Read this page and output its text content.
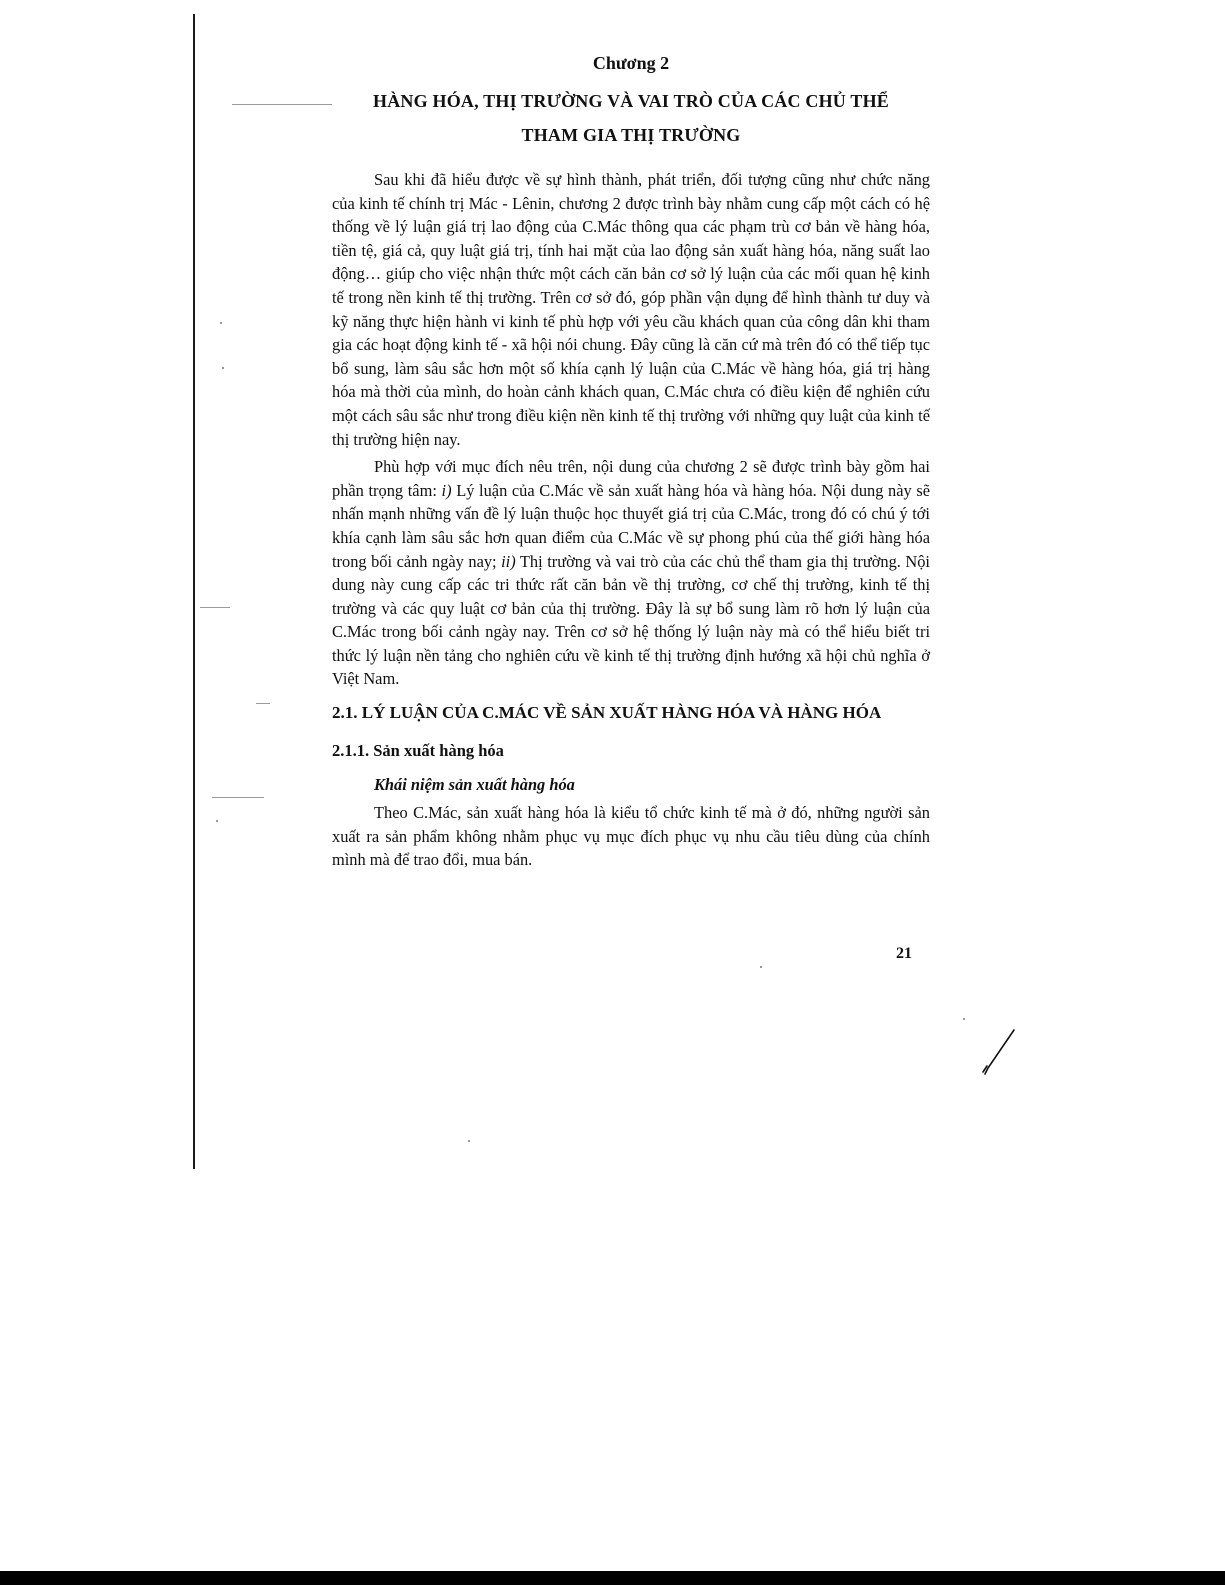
Chương 2
HÀNG HÓA, THỊ TRƯỜNG VÀ VAI TRÒ CỦA CÁC CHỦ THỂ
THAM GIA THỊ TRƯỜNG

Sau khi đã hiểu được về sự hình thành, phát triển, đối tượng cũng như chức năng của kinh tế chính trị Mác - Lênin, chương 2 được trình bày nhằm cung cấp một cách có hệ thống về lý luận giá trị lao động của C.Mác thông qua các phạm trù cơ bản về hàng hóa, tiền tệ, giá cả, quy luật giá trị, tính hai mặt của lao động sản xuất hàng hóa, năng suất lao động… giúp cho việc nhận thức một cách căn bản cơ sở lý luận của các mối quan hệ kinh tế trong nền kinh tế thị trường. Trên cơ sở đó, góp phần vận dụng để hình thành tư duy và kỹ năng thực hiện hành vi kinh tế phù hợp với yêu cầu khách quan của công dân khi tham gia các hoạt động kinh tế - xã hội nói chung. Đây cũng là căn cứ mà trên đó có thể tiếp tục bổ sung, làm sâu sắc hơn một số khía cạnh lý luận của C.Mác về hàng hóa, giá trị hàng hóa mà thời của mình, do hoàn cảnh khách quan, C.Mác chưa có điều kiện để nghiên cứu một cách sâu sắc như trong điều kiện nền kinh tế thị trường với những quy luật của kinh tế thị trường hiện nay.

Phù hợp với mục đích nêu trên, nội dung của chương 2 sẽ được trình bày gồm hai phần trọng tâm: i) Lý luận của C.Mác về sản xuất hàng hóa và hàng hóa. Nội dung này sẽ nhấn mạnh những vấn đề lý luận thuộc học thuyết giá trị của C.Mác, trong đó có chú ý tới khía cạnh làm sâu sắc hơn quan điểm của C.Mác về sự phong phú của thế giới hàng hóa trong bối cảnh ngày nay; ii) Thị trường và vai trò của các chủ thể tham gia thị trường. Nội dung này cung cấp các tri thức rất căn bản về thị trường, cơ chế thị trường, kinh tế thị trường và các quy luật cơ bản của thị trường. Đây là sự bổ sung làm rõ hơn lý luận của C.Mác trong bối cảnh ngày nay. Trên cơ sở hệ thống lý luận này mà có thể hiểu biết tri thức lý luận nền tảng cho nghiên cứu về kinh tế thị trường định hướng xã hội chủ nghĩa ở Việt Nam.

2.1. LÝ LUẬN CỦA C.MÁC VỀ SẢN XUẤT HÀNG HÓA VÀ HÀNG HÓA
2.1.1. Sản xuất hàng hóa
Khái niệm sản xuất hàng hóa

Theo C.Mác, sản xuất hàng hóa là kiểu tổ chức kinh tế mà ở đó, những người sản xuất ra sản phẩm không nhằm phục vụ mục đích phục vụ nhu cầu tiêu dùng của chính mình mà để trao đổi, mua bán.

21
